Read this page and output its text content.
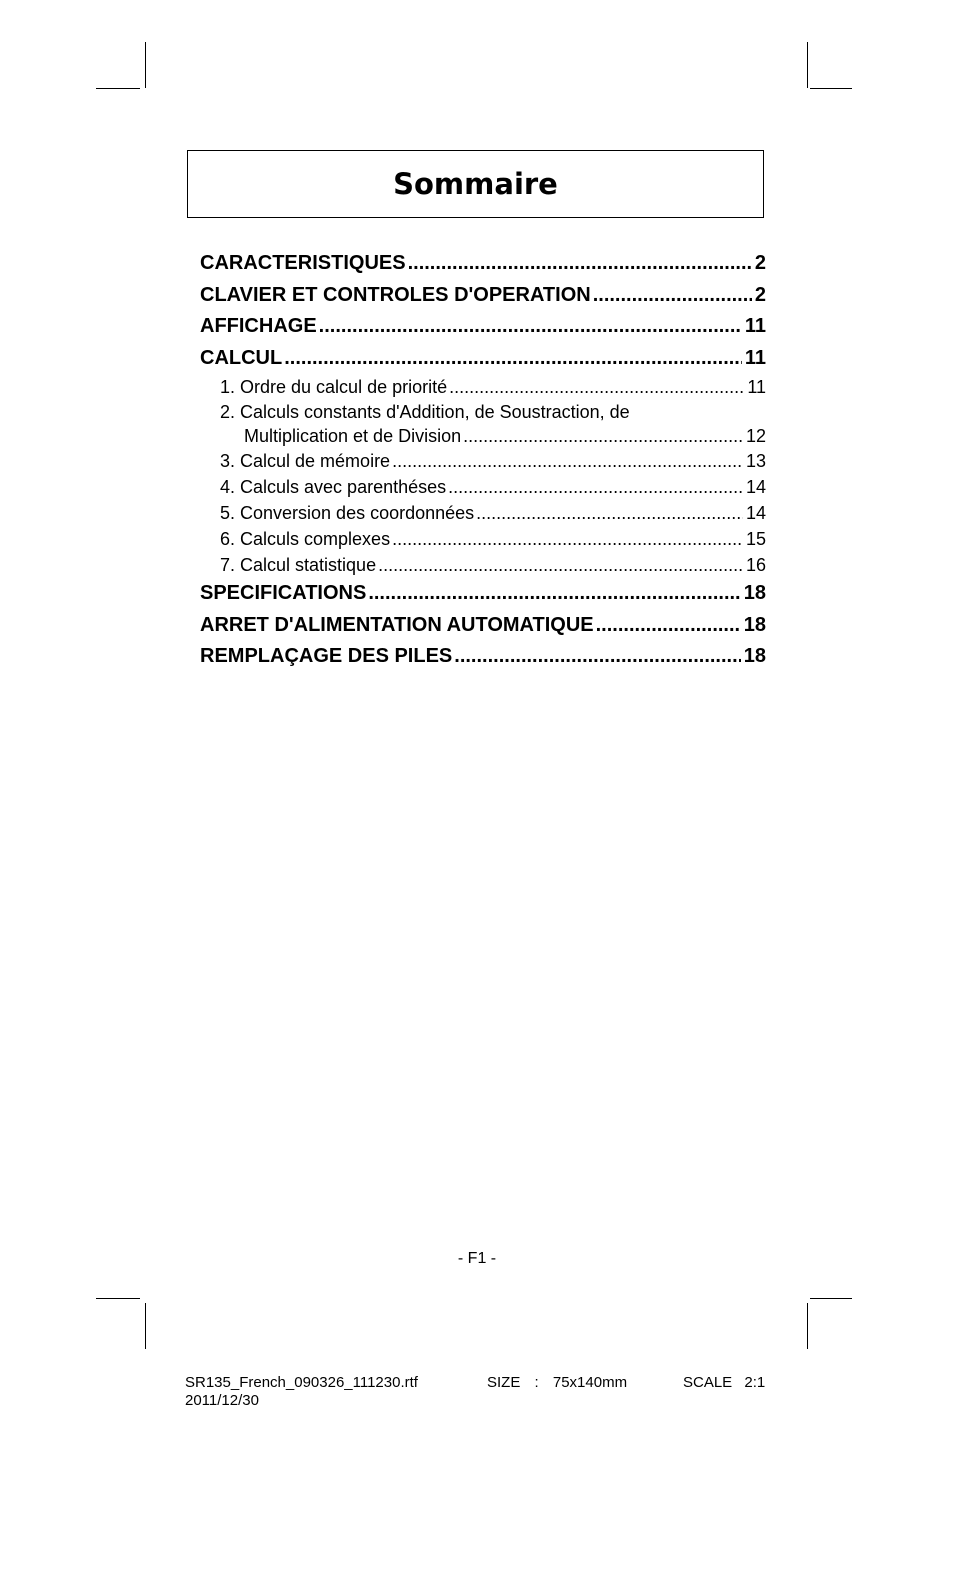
Sommaire
CARACTERISTIQUES .....	2
CLAVIER ET CONTROLES D'OPERATION .....	2
AFFICHAGE .....	11
CALCUL .....	11
1. Ordre du calcul de priorité .....	11
2. Calculs constants d'Addition, de Soustraction, de
Multiplication et de Division .....	12
3. Calcul de mémoire .....	13
4. Calculs avec parenthéses .....	14
5. Conversion des coordonnées .....	14
6. Calculs complexes .....	15
7. Calcul statistique .....	16
SPECIFICATIONS .....	18
ARRET D'ALIMENTATION AUTOMATIQUE .....	18
REMPLAÇAGE DES PILES .....	18
- F1 -
SR135_French_090326_111230.rtf
2011/12/30
SIZE : 75x140mm	SCALE 2:1
